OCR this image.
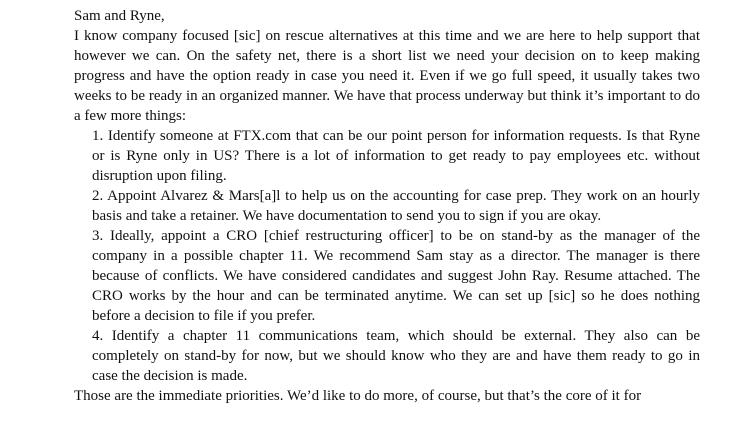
Sam and Ryne,

I know company focused [sic] on rescue alternatives at this time and we are here to help support that however we can. On the safety net, there is a short list we need your decision on to keep making progress and have the option ready in case you need it. Even if we go full speed, it usually takes two weeks to be ready in an organized manner. We have that process underway but think it’s important to do a few more things:

1. Identify someone at FTX.com that can be our point person for information requests. Is that Ryne or is Ryne only in US? There is a lot of information to get ready to pay employees etc. without disruption upon filing.

2. Appoint Alvarez & Mars[a]l to help us on the accounting for case prep. They work on an hourly basis and take a retainer. We have documentation to send you to sign if you are okay.

3. Ideally, appoint a CRO [chief restructuring officer] to be on stand-by as the manager of the company in a possible chapter 11. We recommend Sam stay as a director. The manager is there because of conflicts. We have considered candidates and suggest John Ray. Resume attached. The CRO works by the hour and can be terminated anytime. We can set up [sic] so he does nothing before a decision to file if you prefer.

4. Identify a chapter 11 communications team, which should be external. They also can be completely on stand-by for now, but we should know who they are and have them ready to go in case the decision is made.

Those are the immediate priorities. We’d like to do more, of course, but that’s the core of it for
